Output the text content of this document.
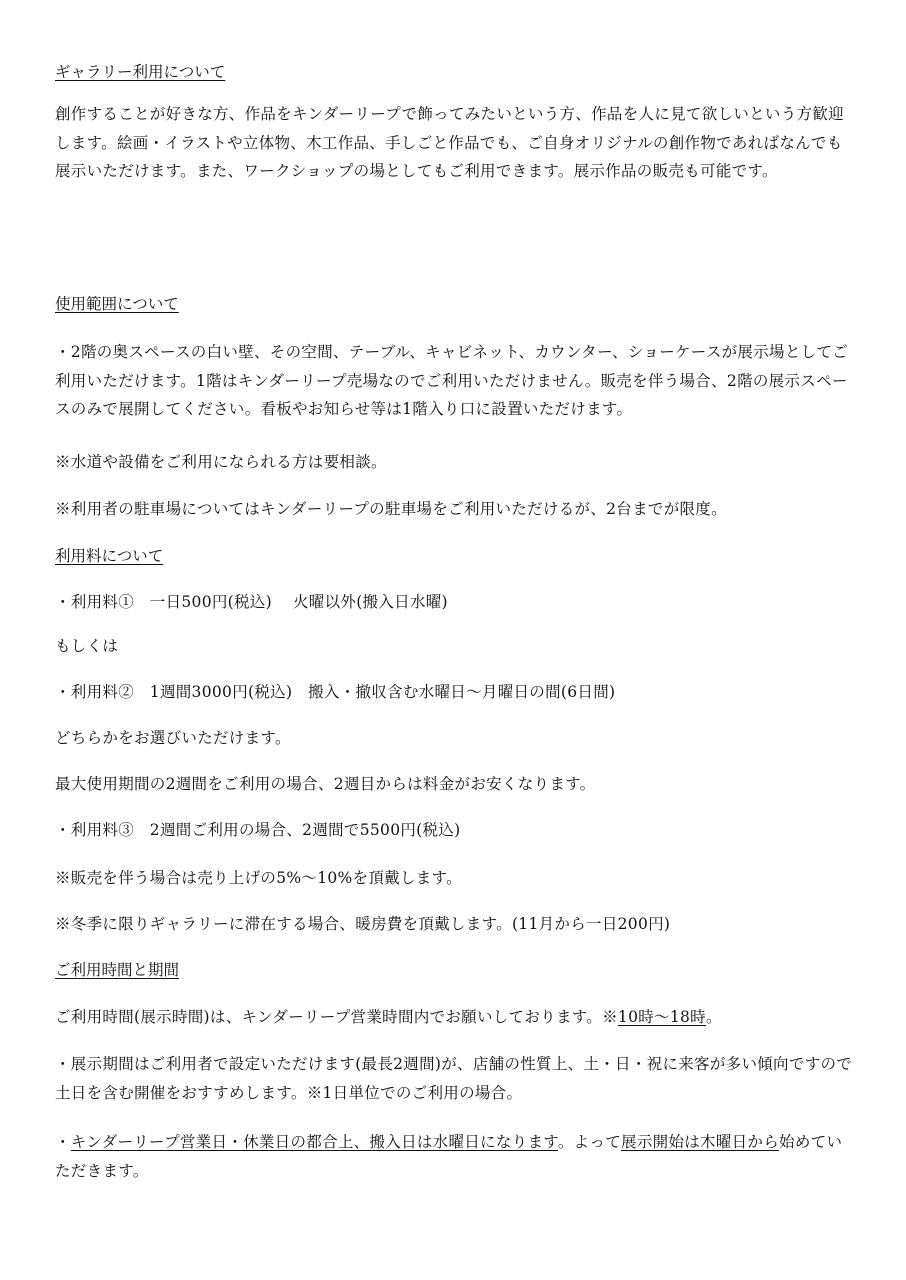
ギャラリー利用について

創作することが好きな方、作品をキンダーリープで飾ってみたいという方、作品を人に見て欲しいという方歓迎します。絵画・イラストや立体物、木工作品、手しごと作品でも、ご自身オリジナルの創作物であればなんでも展示いただけます。また、ワークショップの場としてもご利用できます。展示作品の販売も可能です。

使用範囲について

・2階の奥スペースの白い壁、その空間、テーブル、キャビネット、カウンター、ショーケースが展示場としてご利用いただけます。1階はキンダーリープ売場なのでご利用いただけません。販売を伴う場合、2階の展示スペースのみで展開してください。看板やお知らせ等は1階入り口に設置いただけます。

※水道や設備をご利用になられる方は要相談。

※利用者の駐車場についてはキンダーリープの駐車場をご利用いただけるが、2台までが限度。

利用料について

・利用料①　一日500円(税込)　 火曜以外(搬入日水曜)

もしくは

・利用料②　1週間3000円(税込)　搬入・撤収含む水曜日～月曜日の間(6日間)

どちらかをお選びいただけます。

最大使用期間の2週間をご利用の場合、2週目からは料金がお安くなります。

・利用料③　2週間ご利用の場合、2週間で5500円(税込)

※販売を伴う場合は売り上げの5%～10%を頂戴します。

※冬季に限りギャラリーに滞在する場合、暖房費を頂戴します。(11月から一日200円)

ご利用時間と期間

ご利用時間(展示時間)は、キンダーリープ営業時間内でお願いしております。※10時～18時。

・展示期間はご利用者で設定いただけます(最長2週間)が、店舗の性質上、土・日・祝に来客が多い傾向ですので土日を含む開催をおすすめします。※1日単位でのご利用の場合。

・キンダーリープ営業日・休業日の都合上、搬入日は水曜日になります。よって展示開始は木曜日から始めていただきます。
